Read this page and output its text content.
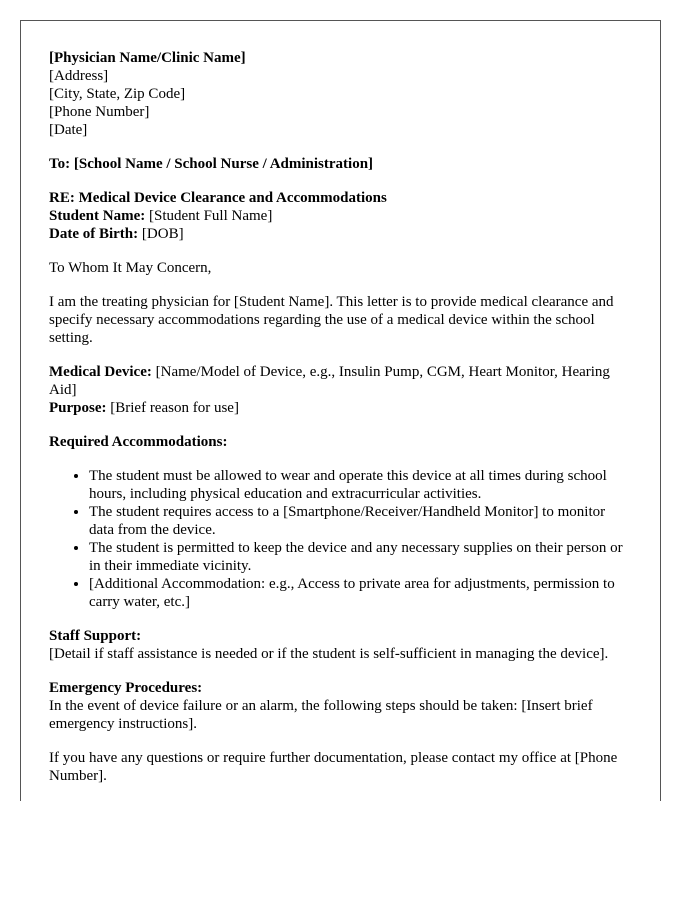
[Physician Name/Clinic Name]
[Address]
[City, State, Zip Code]
[Phone Number]
[Date]

To: [School Name / School Nurse / Administration]

RE: Medical Device Clearance and Accommodations
Student Name: [Student Full Name]
Date of Birth: [DOB]

To Whom It May Concern,

I am the treating physician for [Student Name]. This letter is to provide medical clearance and specify necessary accommodations regarding the use of a medical device within the school setting.

Medical Device: [Name/Model of Device, e.g., Insulin Pump, CGM, Heart Monitor, Hearing Aid]
Purpose: [Brief reason for use]

Required Accommodations:

• The student must be allowed to wear and operate this device at all times during school hours, including physical education and extracurricular activities.
• The student requires access to a [Smartphone/Receiver/Handheld Monitor] to monitor data from the device.
• The student is permitted to keep the device and any necessary supplies on their person or in their immediate vicinity.
• [Additional Accommodation: e.g., Access to private area for adjustments, permission to carry water, etc.]
Staff Support:
[Detail if staff assistance is needed or if the student is self-sufficient in managing the device].
Emergency Procedures:
In the event of device failure or an alarm, the following steps should be taken: [Insert brief emergency instructions].

If you have any questions or require further documentation, please contact my office at [Phone Number].
